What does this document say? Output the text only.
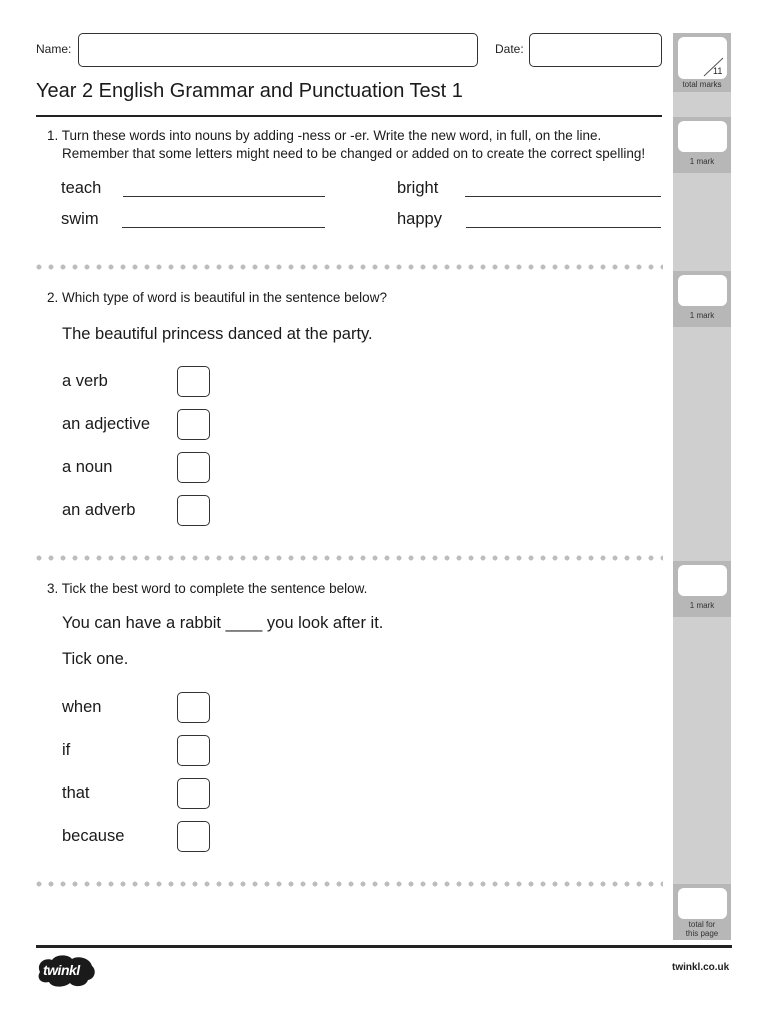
11
total marks
1 mark
1 mark
1 mark
total for
this page
Name:	Date:
Year 2 English Grammar and Punctuation Test 1
1. Turn these words into nouns by adding -ness or -er. Write the new word, in full, on the line.
Remember that some letters might need to be changed or added on to create the correct spelling!
teach	bright
swim	happy
2. Which type of word is beautiful in the sentence below?
The beautiful princess danced at the party.
a verb
an adjective
a noun
an adverb
3. Tick the best word to complete the sentence below.
You can have a rabbit ____ you look after it.
Tick one.
when
if
that
because
twinkl	twinkl.co.uk
